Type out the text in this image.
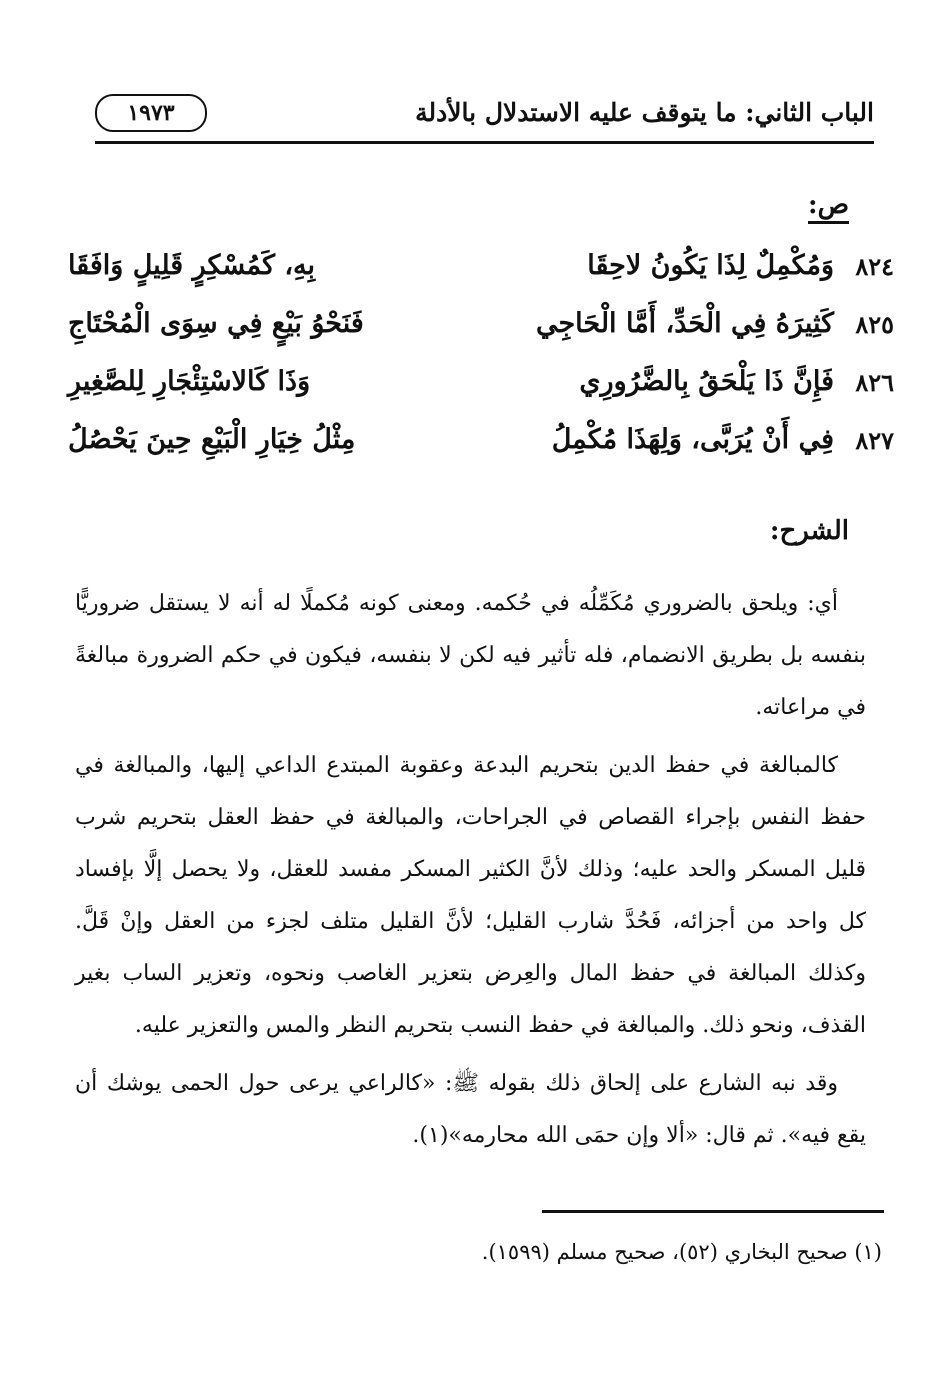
الباب الثاني: ما يتوقف عليه الاستدلال بالأدلة
١٩٧٣
ص:
٨٢٤
وَمُكْمِلٌ لِذَا يَكُونُ لاحِقَا
بِهِ، كَمُسْكِرٍ قَلِيلٍ وَافَقَا
٨٢٥
كَثِيرَهُ فِي الْحَدِّ، أَمَّا الْحَاجِي
فَنَحْوُ بَيْعٍ فِي سِوَى الْمُحْتَاجِ
٨٢٦
فَإِنَّ ذَا يَلْحَقُ بِالضَّرُورِي
وَذَا كَالاسْتِئْجَارِ لِلصَّغِيرِ
٨٢٧
فِي أَنْ يُرَبَّى، وَلِهَذَا مُكْمِلُ
مِثْلُ خِيَارِ الْبَيْعِ حِينَ يَحْصُلُ
الشرح:

أي: ويلحق بالضروري مُكَمِّلُه في حُكمه. ومعنى كونه مُكملًا له أنه لا يستقل ضروريًّا بنفسه بل بطريق الانضمام، فله تأثير فيه لكن لا بنفسه، فيكون في حكم الضرورة مبالغةً في مراعاته.

كالمبالغة في حفظ الدين بتحريم البدعة وعقوبة المبتدع الداعي إليها، والمبالغة في حفظ النفس بإجراء القصاص في الجراحات، والمبالغة في حفظ العقل بتحريم شرب قليل المسكر والحد عليه؛ وذلك لأنَّ الكثير المسكر مفسد للعقل، ولا يحصل إلَّا بإفساد كل واحد من أجزائه، فَحُدَّ شارب القليل؛ لأنَّ القليل متلف لجزء من العقل وإنْ قَلَّ. وكذلك المبالغة في حفظ المال والعِرض بتعزير الغاصب ونحوه، وتعزير الساب بغير القذف، ونحو ذلك. والمبالغة في حفظ النسب بتحريم النظر والمس والتعزير عليه.

وقد نبه الشارع على إلحاق ذلك بقوله ﷺ: «كالراعي يرعى حول الحمى يوشك أن يقع فيه». ثم قال: «ألا وإن حمَى الله محارمه»(١).

(١) صحيح البخاري (٥٢)، صحيح مسلم (١٥٩٩).
